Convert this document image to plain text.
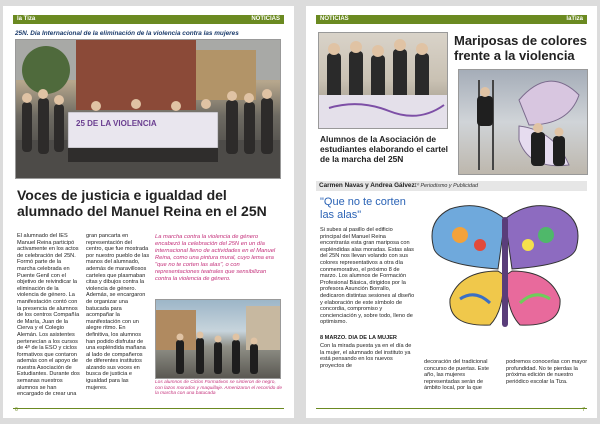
la Tiza	NOTICIAS
25N. Día Internacional de la eliminación de la violencia contra las mujeres
25 DE LA VIOLENCIA
Voces de justicia e igualdad del alumnado del Manuel Reina en el 25N
El alumnado del IES Manuel Reina participó activamente en los actos de celebración del 25N. Formó parte de la marcha celebrada en Puente Genil con el objetivo de reivindicar la eliminación de la violencia de género. La manifestación contó con la presencia de alumnos de los centros Compañía de María, Juan de la Cierva y el Colegio Alemán. Los asistentes pertenecían a los cursos de 4º de la ESO y ciclos formativos que contaron además con el apoyo de nuestra Asociación de Estudiantes. Durante dos semanas nuestros alumnos se han encargado de crear una
gran pancarta en representación del centro, que fue mostrada por nuestro pueblo de las manos del alumnado, además de maravillosos carteles que plasmaban citas y dibujos contra la violencia de género. Además, se encargaron de organizar una batucada para acompañar la manifestación con un alegre ritmo. En definitiva, los alumnos han podido disfrutar de una espléndida mañana al lado de compañeros de diferentes institutos alzando sus voces en busca de justicia e igualdad para las mujeres.
La marcha contra la violencia de género encabezó la celebración del 25N en un día internacional lleno de actividades en el Manuel Reina, como una pintura mural, cuyo lema era "que no te corten las alas", o con representaciones teatrales que sensibilizan contra la violencia de género.
Los alumnos de Ciclos Formativos se sintieron de negro, con lazos morados y maquillaje. Amenizaron el recorrido de la marcha con una batucada
6
NOTICIAS	laTiza
Alumnos de la Asociación de estudiantes elaborando el cartel de la marcha del 25N
Mariposas de colores frente a la violencia
Carmen Navas y Andrea Gálvez 1º Periodismo y Publicidad
"Que no te corten las alas"
Si subes al pasillo del edificio principal del Manuel Reina encontrarás esta gran mariposa con espléndidas alas moradas. Estas alas del 25N nos llevan volando con sus colores representativos a otra día conmemorativo, el próximo 8 de marzo. Los alumnos de Formación Profesional Básica, dirigidos por la profesora Asunción Borrallo, dedicaron distintas sesiones al diseño y elaboración de este símbolo de concordia, compromiso y concienciación y, sobre todo, lleno de optimismo.
8 MARZO. DÍA DE LA MUJER
Con la mirada puesta ya en el día de la mujer, el alumnado del instituto ya está pensando en los nuevos proyectos de
decoración del tradicional concurso de puertas. Este año, las mujeres representadas serán de ámbito local, por la que
podremos conocerlas con mayor profundidad. No te pierdas la próxima edición de nuestro periódico escolar la Tiza.
7
